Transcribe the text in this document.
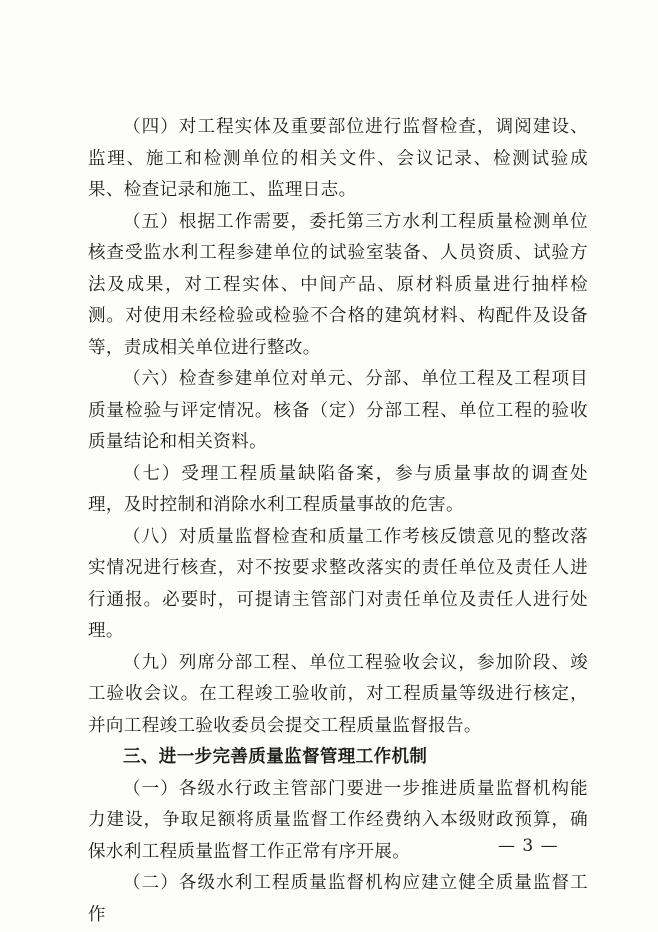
（四）对工程实体及重要部位进行监督检查，调阅建设、监理、施工和检测单位的相关文件、会议记录、检测试验成果、检查记录和施工、监理日志。

（五）根据工作需要，委托第三方水利工程质量检测单位核查受监水利工程参建单位的试验室装备、人员资质、试验方法及成果，对工程实体、中间产品、原材料质量进行抽样检测。对使用未经检验或检验不合格的建筑材料、构配件及设备等，责成相关单位进行整改。

（六）检查参建单位对单元、分部、单位工程及工程项目质量检验与评定情况。核备（定）分部工程、单位工程的验收质量结论和相关资料。

（七）受理工程质量缺陷备案，参与质量事故的调查处理，及时控制和消除水利工程质量事故的危害。

（八）对质量监督检查和质量工作考核反馈意见的整改落实情况进行核查，对不按要求整改落实的责任单位及责任人进行通报。必要时，可提请主管部门对责任单位及责任人进行处理。

（九）列席分部工程、单位工程验收会议，参加阶段、竣工验收会议。在工程竣工验收前，对工程质量等级进行核定，并向工程竣工验收委员会提交工程质量监督报告。

三、进一步完善质量监督管理工作机制

（一）各级水行政主管部门要进一步推进质量监督机构能力建设，争取足额将质量监督工作经费纳入本级财政预算，确保水利工程质量监督工作正常有序开展。

（二）各级水利工程质量监督机构应建立健全质量监督工作

— 3 —
